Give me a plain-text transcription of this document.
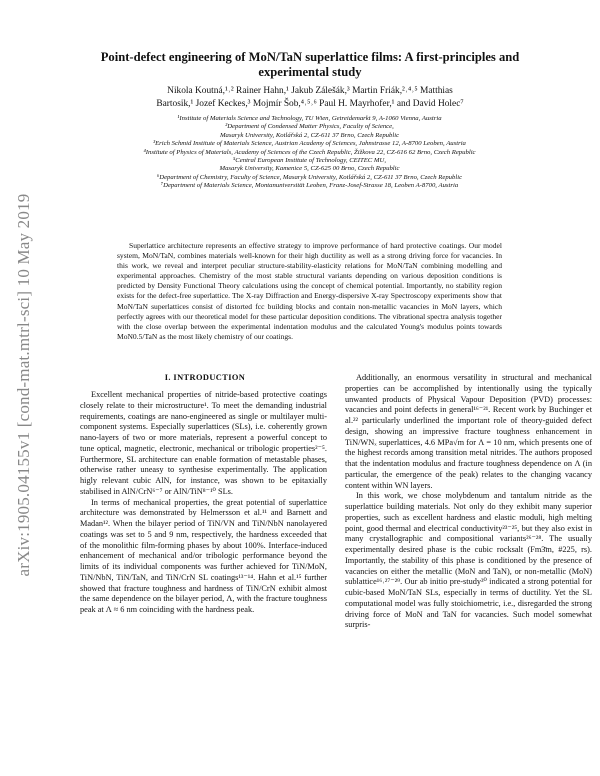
arXiv:1905.04155v1 [cond-mat.mtrl-sci] 10 May 2019
Point-defect engineering of MoN/TaN superlattice films: A first-principles and
experimental study
Nikola Koutná,¹˒² Rainer Hahn,¹ Jakub Zálešák,³ Martin Friák,²˒⁴˒⁵ Matthias
Bartosik,¹ Jozef Keckes,³ Mojmír Šob,⁴˒⁵˒⁶ Paul H. Mayrhofer,¹ and David Holec⁷
¹Institute of Materials Science and Technology, TU Wien, Getreidemarkt 9, A-1060 Vienna, Austria
²Department of Condensed Matter Physics, Faculty of Science,
Masaryk University, Kotlářská 2, CZ-611 37 Brno, Czech Republic
³Erich Schmid Institute of Materials Science, Austrian Academy of Sciences, Jahnstrasse 12, A-8700 Leoben, Austria
⁴Institute of Physics of Materials, Academy of Sciences of the Czech Republic, Žižkova 22, CZ-616 62 Brno, Czech Republic
⁵Central European Institute of Technology, CEITEC MU,
Masaryk University, Kamenice 5, CZ-625 00 Brno, Czech Republic
⁶Department of Chemistry, Faculty of Science, Masaryk University, Kotlářská 2, CZ-611 37 Brno, Czech Republic
⁷Department of Materials Science, Montanuniversität Leoben, Franz-Josef-Strasse 18, Leoben A-8700, Austria

Superlattice architecture represents an effective strategy to improve performance of hard protective coatings. Our model system, MoN/TaN, combines materials well-known for their high ductility as well as a strong driving force for vacancies. In this work, we reveal and interpret peculiar structure-stability-elasticity relations for MoN/TaN combining modelling and experimental approaches. Chemistry of the most stable structural variants depending on various deposition conditions is predicted by Density Functional Theory calculations using the concept of chemical potential. Importantly, no stability region exists for the defect-free superlattice. The X-ray Diffraction and Energy-dispersive X-ray Spectroscopy experiments show that MoN/TaN superlattices consist of distorted fcc building blocks and contain non-metallic vacancies in MoN layers, which perfectly agrees with our theoretical model for these particular deposition conditions. The vibrational spectra analysis together with the close overlap between the experimental indentation modulus and the calculated Young's modulus points towards MoN0.5/TaN as the most likely chemistry of our coatings.

I. INTRODUCTION

Excellent mechanical properties of nitride-based protective coatings closely relate to their microstructure¹. To meet the demanding industrial requirements, coatings are nano-engineered as single or multilayer multi-component systems. Especially superlattices (SLs), i.e. coherently grown nano-layers of two or more materials, represent a powerful concept to tune optical, magnetic, electronic, mechanical or tribologic properties²⁻⁵. Furthermore, SL architecture can enable formation of metastable phases, otherwise rather uneasy to synthesise experimentally. The application higly relevant cubic AlN, for instance, was shown to be epitaxially stabilised in AlN/CrN⁶⁻⁷ or AlN/TiN⁸⁻¹⁰ SLs.

In terms of mechanical properties, the great potential of superlattice architecture was demonstrated by Helmersson et al.¹¹ and Barnett and Madan¹². When the bilayer period of TiN/VN and TiN/NbN nanolayered coatings was set to 5 and 9 nm, respectively, the hardness exceeded that of the monolithic film-forming phases by about 100%. Interface-induced enhancement of mechanical and/or tribologic performance beyond the limits of its individual components was further achieved for TiN/MoN, TiN/NbN, TiN/TaN, and TiN/CrN SL coatings¹³⁻¹⁴. Hahn et al.¹⁵ further showed that fracture toughness and hardness of TiN/CrN exhibit almost the same dependence on the bilayer period, Λ, with the fracture toughness peak at Λ ≈ 6 nm coinciding with the hardness peak.

Additionally, an enormous versatility in structural and mechanical properties can be accomplished by intentionally using the typically unwanted products of Physical Vapour Deposition (PVD) processes: vacancies and point defects in general¹⁶⁻²¹. Recent work by Buchinger et al.²² particularly underlined the important role of theory-guided defect design, showing an impressive fracture toughness enhancement in TiN/WNₓ superlattices, 4.6 MPa√m for Λ = 10 nm, which presents one of the highest records among transition metal nitrides. The authors proposed that the indentation modulus and fracture toughness dependence on Λ (in particular, the emergence of the peak) relates to the changing vacancy content within WN layers.

In this work, we chose molybdenum and tantalum nitride as the superlattice building materials. Not only do they exhibit many superior properties, such as excellent hardness and elastic moduli, high melting point, good thermal and electrical conductivity²³⁻²⁵, but they also exist in many crystallographic and compositional variants²⁶⁻²⁸. The usually experimentally desired phase is the cubic rocksalt (Fm3̄m, #225, rs). Importantly, the stability of this phase is conditioned by the presence of vacancies on either the metallic (MoN and TaN), or non-metallic (MoN) sublattice¹⁶˒²⁷⁻²⁹. Our ab initio pre-study³⁰ indicated a strong potential for cubic-based MoN/TaN SLs, especially in terms of ductility. Yet the SL computational model was fully stoichiometric, i.e., disregarded the strong driving force of MoN and TaN for vacancies. Such model somewhat surpris-
